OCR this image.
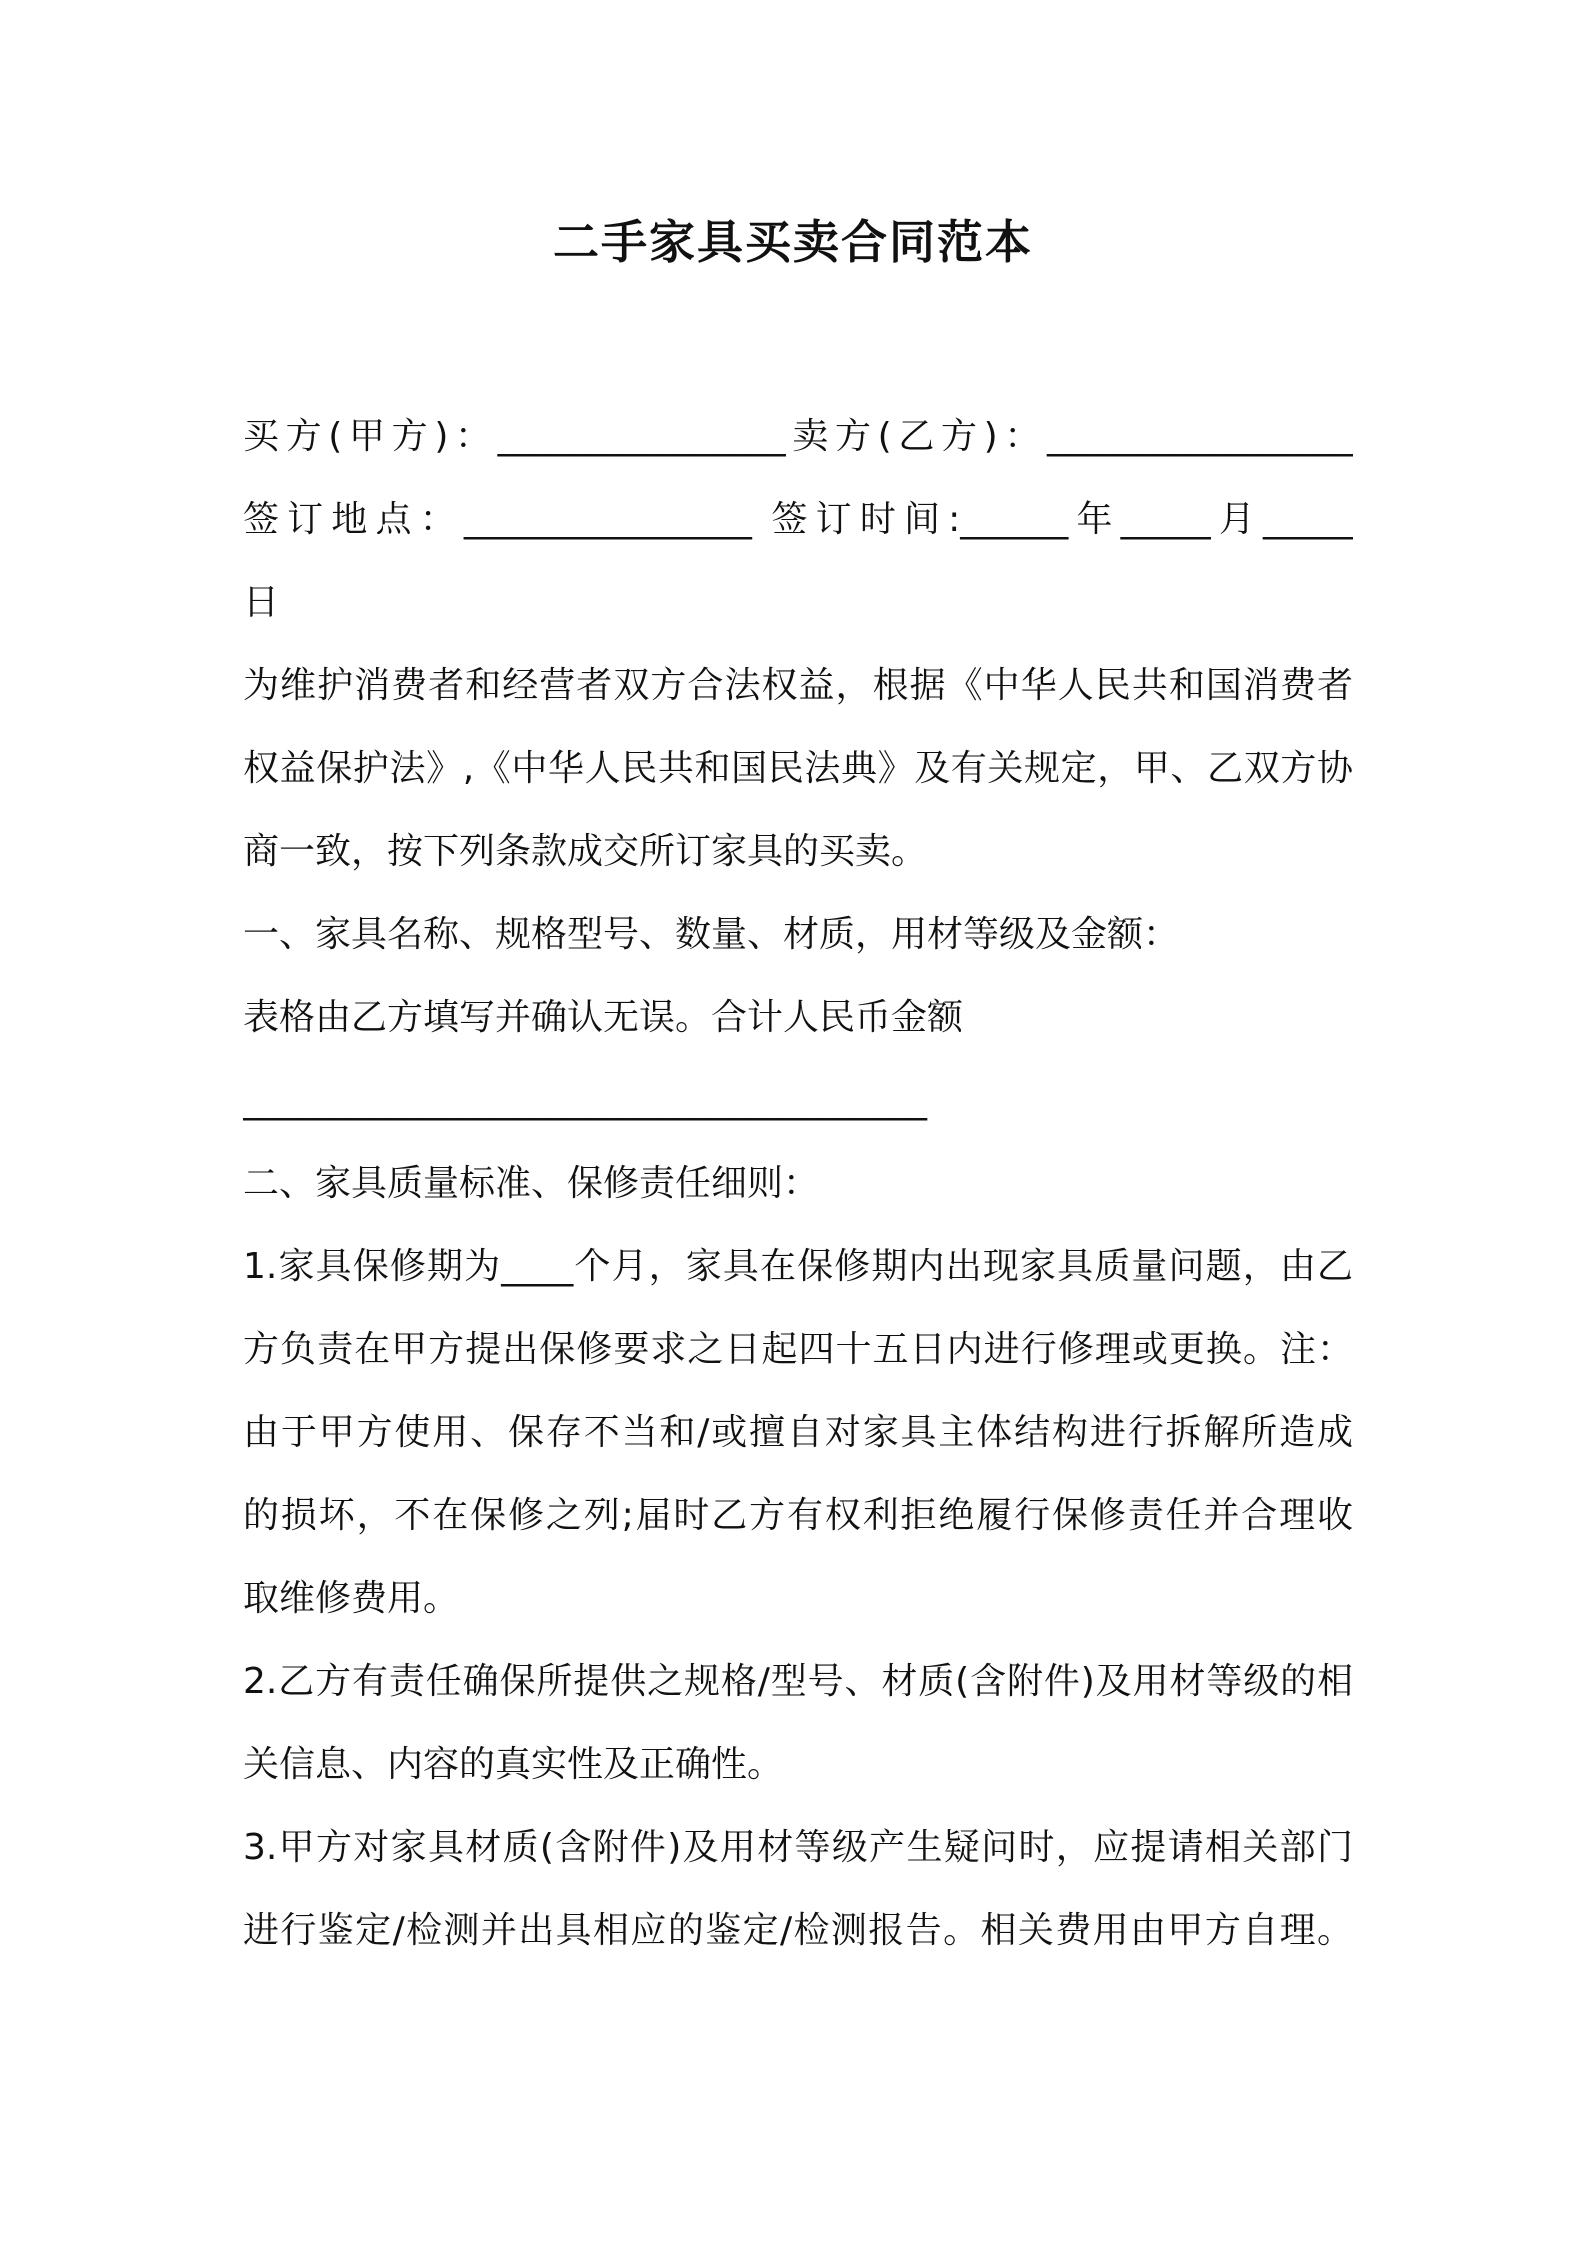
二手家具买卖合同范本
买方(甲方)：________________卖方(乙方)：_________________
签订地点：________________ 签订时间:______年_____月_____
日
为维护消费者和经营者双方合法权益，根据《中华人民共和国消费者
权益保护法》,《中华人民共和国民法典》及有关规定，甲、乙双方协
商一致，按下列条款成交所订家具的买卖。
一、家具名称、规格型号、数量、材质，用材等级及金额：
表格由乙方填写并确认无误。合计人民币金额
______________________________________
二、家具质量标准、保修责任细则：
1.家具保修期为____个月，家具在保修期内出现家具质量问题，由乙
方负责在甲方提出保修要求之日起四十五日内进行修理或更换。注：
由于甲方使用、保存不当和/或擅自对家具主体结构进行拆解所造成
的损坏，不在保修之列;届时乙方有权利拒绝履行保修责任并合理收
取维修费用。
2.乙方有责任确保所提供之规格/型号、材质(含附件)及用材等级的相
关信息、内容的真实性及正确性。
3.甲方对家具材质(含附件)及用材等级产生疑问时，应提请相关部门
进行鉴定/检测并出具相应的鉴定/检测报告。相关费用由甲方自理。
